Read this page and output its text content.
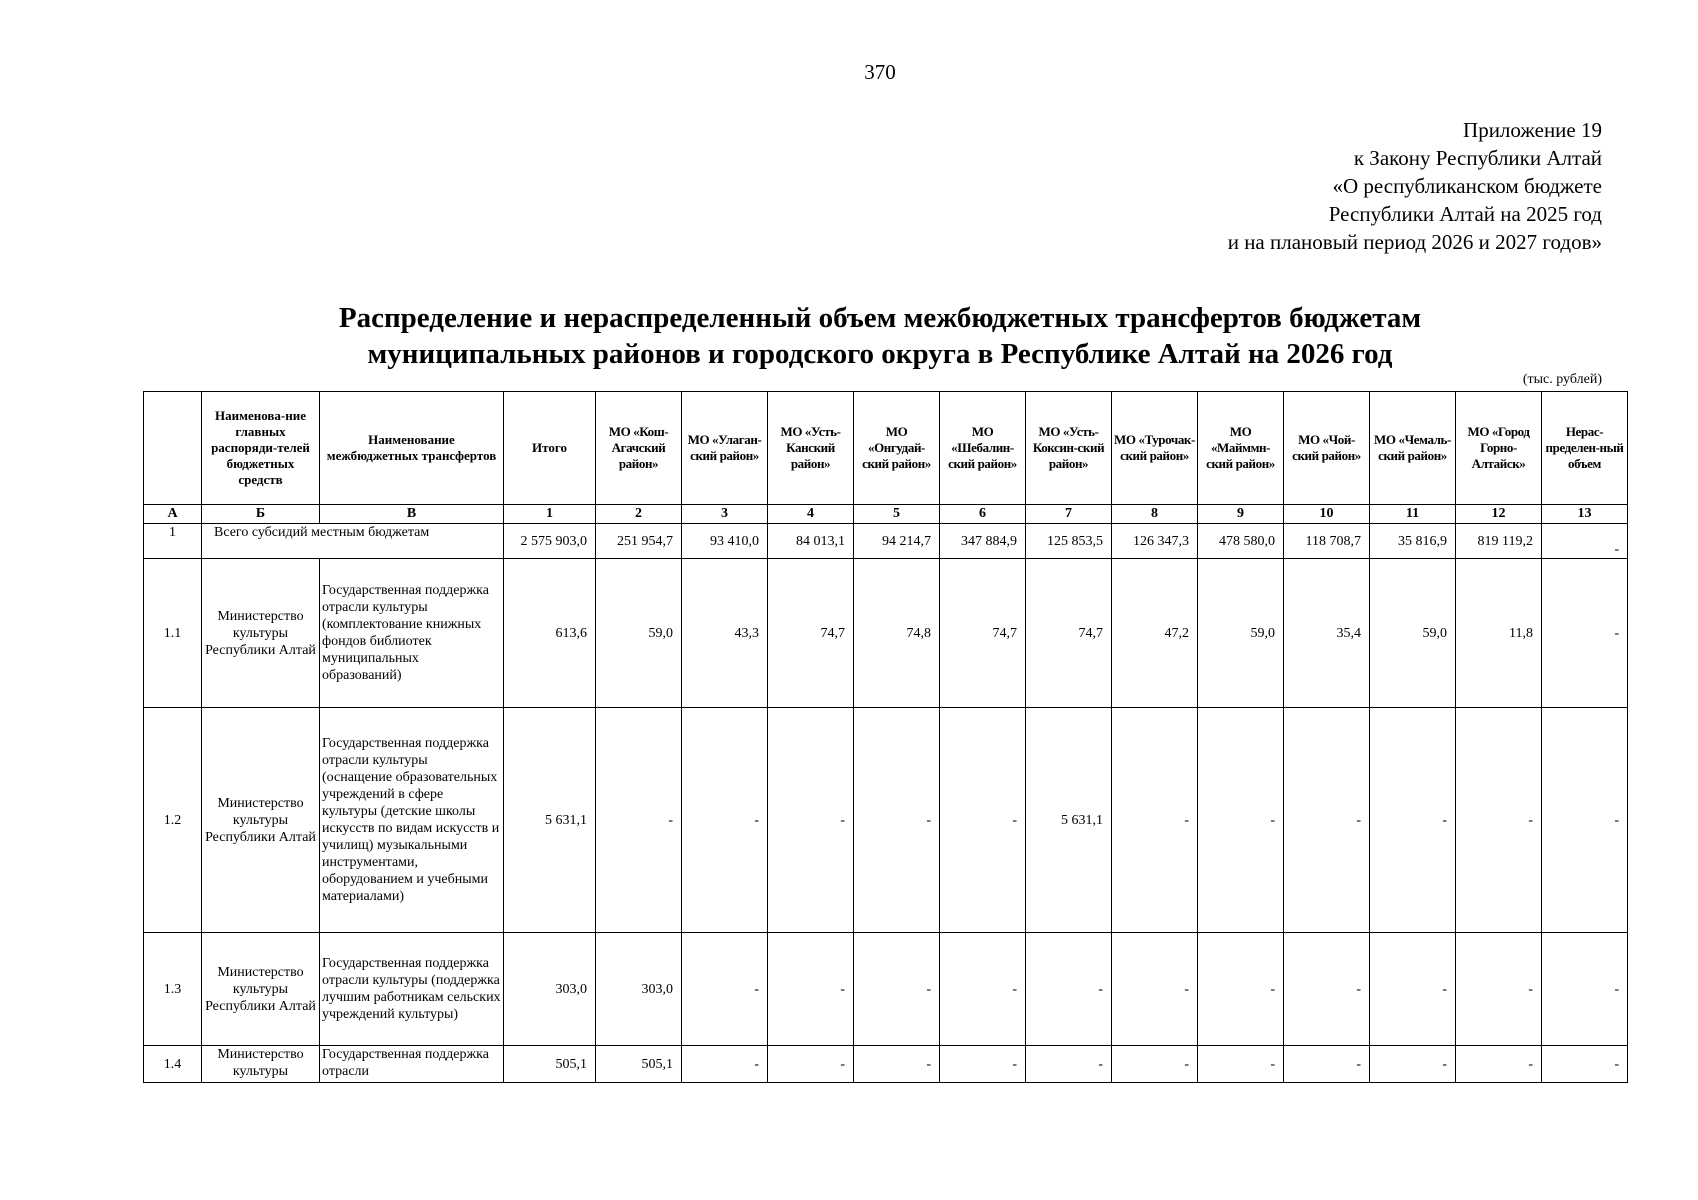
370
Приложение 19
к Закону Республики Алтай
«О республиканском бюджете
Республики Алтай на 2025 год
и на плановый период 2026 и 2027 годов»
Распределение и нераспределенный объем межбюджетных трансфертов бюджетам
муниципальных районов и городского округа в Республике Алтай на 2026 год
(тыс. рублей)
	Наименова-ние главных распоряди-телей бюджетных средств	Наименование межбюджетных трансфертов	Итого	МО «Кош-Агачский район»	МО «Улаган-ский район»	МО «Усть-Канский район»	МО «Онгудай-ский район»	МО «Шебалин-ский район»	МО «Усть-Коксин-ский район»	МО «Турочак-ский район»	МО «Майммн-ский район»	МО «Чой-ский район»	МО «Чемаль-ский район»	МО «Город Горно-Алтайск»	Нерас-пределен-ный объем
А	Б	В	1	2	3	4	5	6	7	8	9	10	11	12	13
1	Всего субсидий местным бюджетам		2 575 903,0	251 954,7	93 410,0	84 013,1	94 214,7	347 884,9	125 853,5	126 347,3	478 580,0	118 708,7	35 816,9	819 119,2	-
1.1	Министерство культуры Республики Алтай	Государственная поддержка отрасли культуры (комплектование книжных фондов библиотек муниципальных образований)	613,6	59,0	43,3	74,7	74,8	74,7	74,7	47,2	59,0	35,4	59,0	11,8	-
1.2	Министерство культуры Республики Алтай	Государственная поддержка отрасли культуры (оснащение образовательных учреждений в сфере культуры (детские школы искусств по видам искусств и училищ) музыкальными инструментами, оборудованием и учебными материалами)	5 631,1	-	-	-	-	-	5 631,1	-	-	-	-	-	-
1.3	Министерство культуры Республики Алтай	Государственная поддержка отрасли культуры (поддержка лучшим работникам сельских учреждений культуры)	303,0	303,0	-	-	-	-	-	-	-	-	-	-	-
1.4	Министерство культуры	Государственная поддержка отрасли	505,1	505,1	-	-	-	-	-	-	-	-	-	-	-
